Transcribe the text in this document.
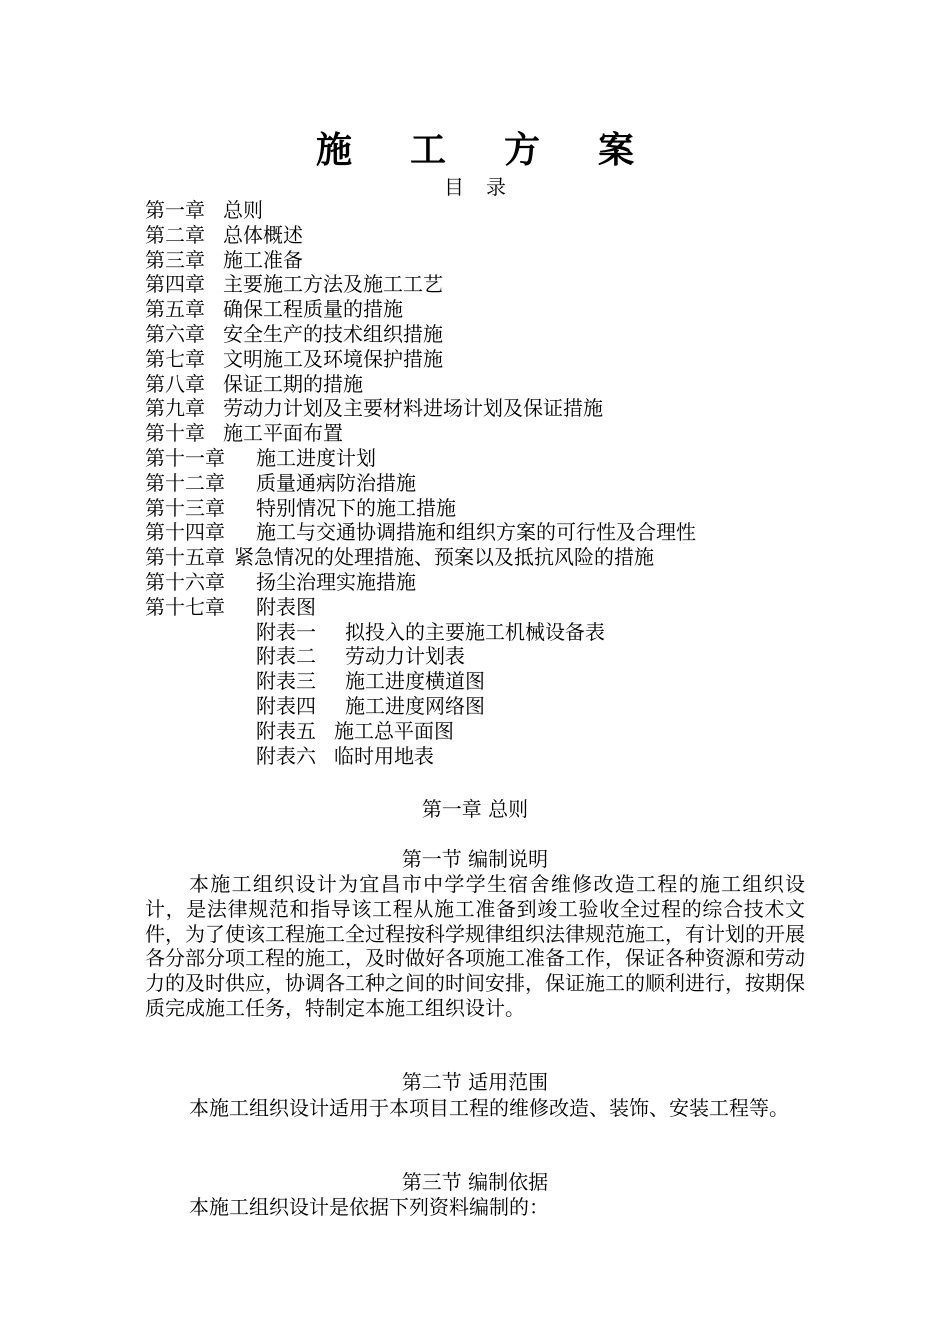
施工方案
目录
第一章 总则
第二章 总体概述
第三章 施工准备
第四章 主要施工方法及施工工艺
第五章 确保工程质量的措施
第六章 安全生产的技术组织措施
第七章 文明施工及环境保护措施
第八章 保证工期的措施
第九章 劳动力计划及主要材料进场计划及保证措施
第十章 施工平面布置
第十一章 施工进度计划
第十二章 质量通病防治措施
第十三章 特别情况下的施工措施
第十四章 施工与交通协调措施和组织方案的可行性及合理性
第十五章 紧急情况的处理措施、预案以及抵抗风险的措施
第十六章 扬尘治理实施措施
第十七章 附表图
附表一 拟投入的主要施工机械设备表
附表二 劳动力计划表
附表三 施工进度横道图
附表四 施工进度网络图
附表五 施工总平面图
附表六 临时用地表
第一章 总则
第一节 编制说明

本施工组织设计为宜昌市中学学生宿舍维修改造工程的施工组织设计，是法律规范和指导该工程从施工准备到竣工验收全过程的综合技术文件，为了使该工程施工全过程按科学规律组织法律规范施工，有计划的开展各分部分项工程的施工，及时做好各项施工准备工作，保证各种资源和劳动力的及时供应，协调各工种之间的时间安排，保证施工的顺利进行，按期保质完成施工任务，特制定本施工组织设计。

第二节 适用范围

本施工组织设计适用于本项目工程的维修改造、装饰、安装工程等。

第三节 编制依据

本施工组织设计是依据下列资料编制的：
